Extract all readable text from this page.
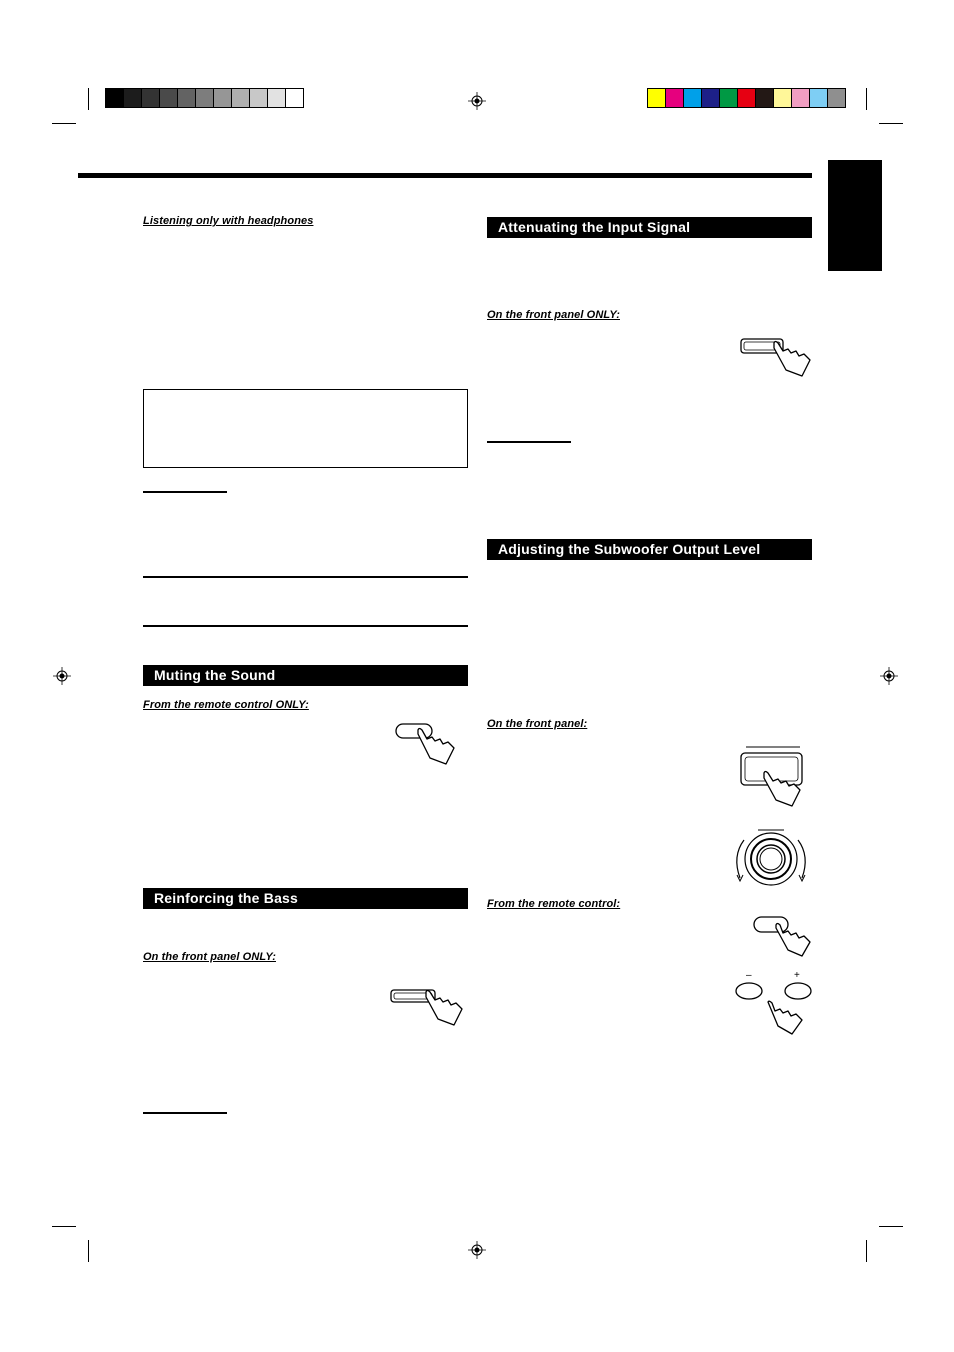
Listening only with headphones
Muting the Sound
From the remote control ONLY:
Reinforcing the Bass
On the front panel ONLY:
Attenuating the Input Signal
On the front panel ONLY:
Adjusting the Subwoofer Output Level
On the front panel:
From the remote control:
–	+
